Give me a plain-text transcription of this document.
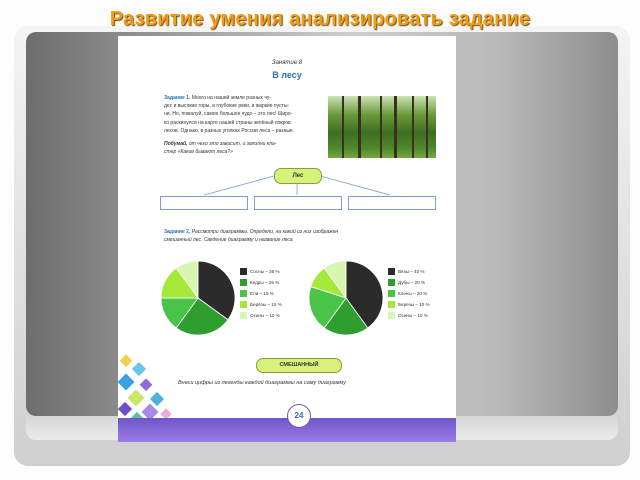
Развитие умения анализировать задание
Занятие 8
В лесу
Задание 1. Много на нашей земле разных чу-
дес и высокие горы, и глубокие реки, и жаркие пусты-
ни. Но, пожалуй, самое большое чудо – это лес! Широ-
ко раскинулся на карте нашей страны зелёный покров
лесов. Однако, в разных уголках России леса – разные.
Подумай, от чего это зависит, и заполни кла-
стер «Какие бывают леса?»
Лес
Задание 2. Рассмотри диаграммы. Определи, на какой из них изображен
смешанный лес. Сведение диаграмму и название леса
Сосны – 35 %
Кедры – 25 %
Ели – 15 %
Берёзы – 15 %
Осины – 10 %
Вязы – 40 %
Дубы – 20 %
Клены – 20 %
Березы – 10 %
Осины – 10 %
СМЕШАННЫЙ
Внеси цифры из легенды каждой диаграммы на саму диаграмму
24
